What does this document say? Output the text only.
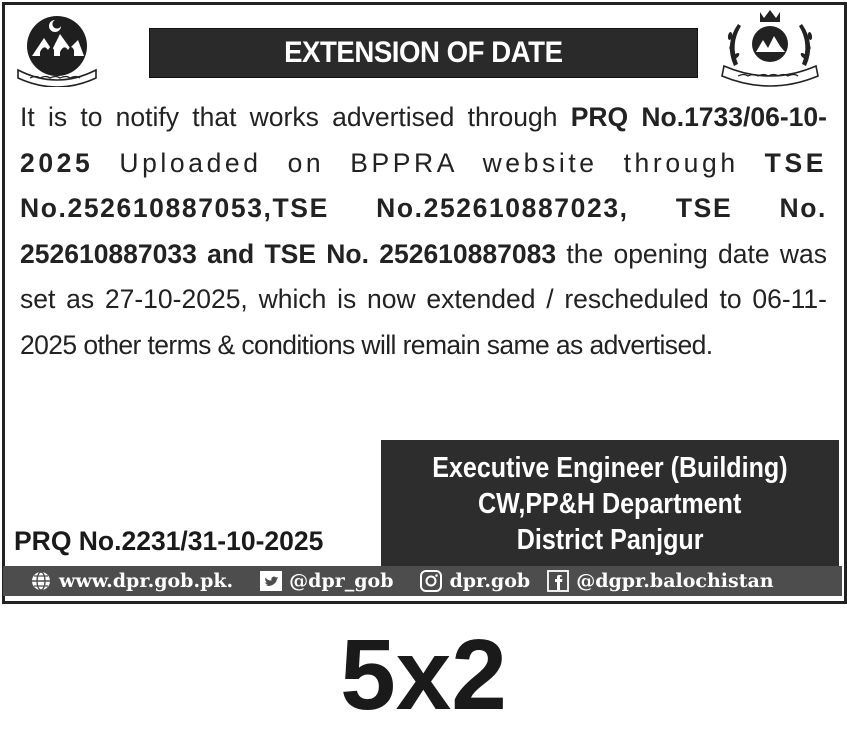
EXTENSION OF DATE
It is to notify that works advertised through PRQ No.1733/06-10-
2025 Uploaded on BPPRA website through TSE
No.252610887053,TSE No.252610887023, TSE No.
252610887033 and TSE No. 252610887083 the opening date was
set as 27-10-2025, which is now extended / rescheduled to 06-11-
2025 other terms & conditions will remain same as advertised.
PRQ No.2231/31-10-2025
Executive Engineer (Building)
CW,PP&H Department
District Panjgur
www.dpr.gob.pk.	@dpr_gob	dpr.gob @dgpr.balochistan
5x2
